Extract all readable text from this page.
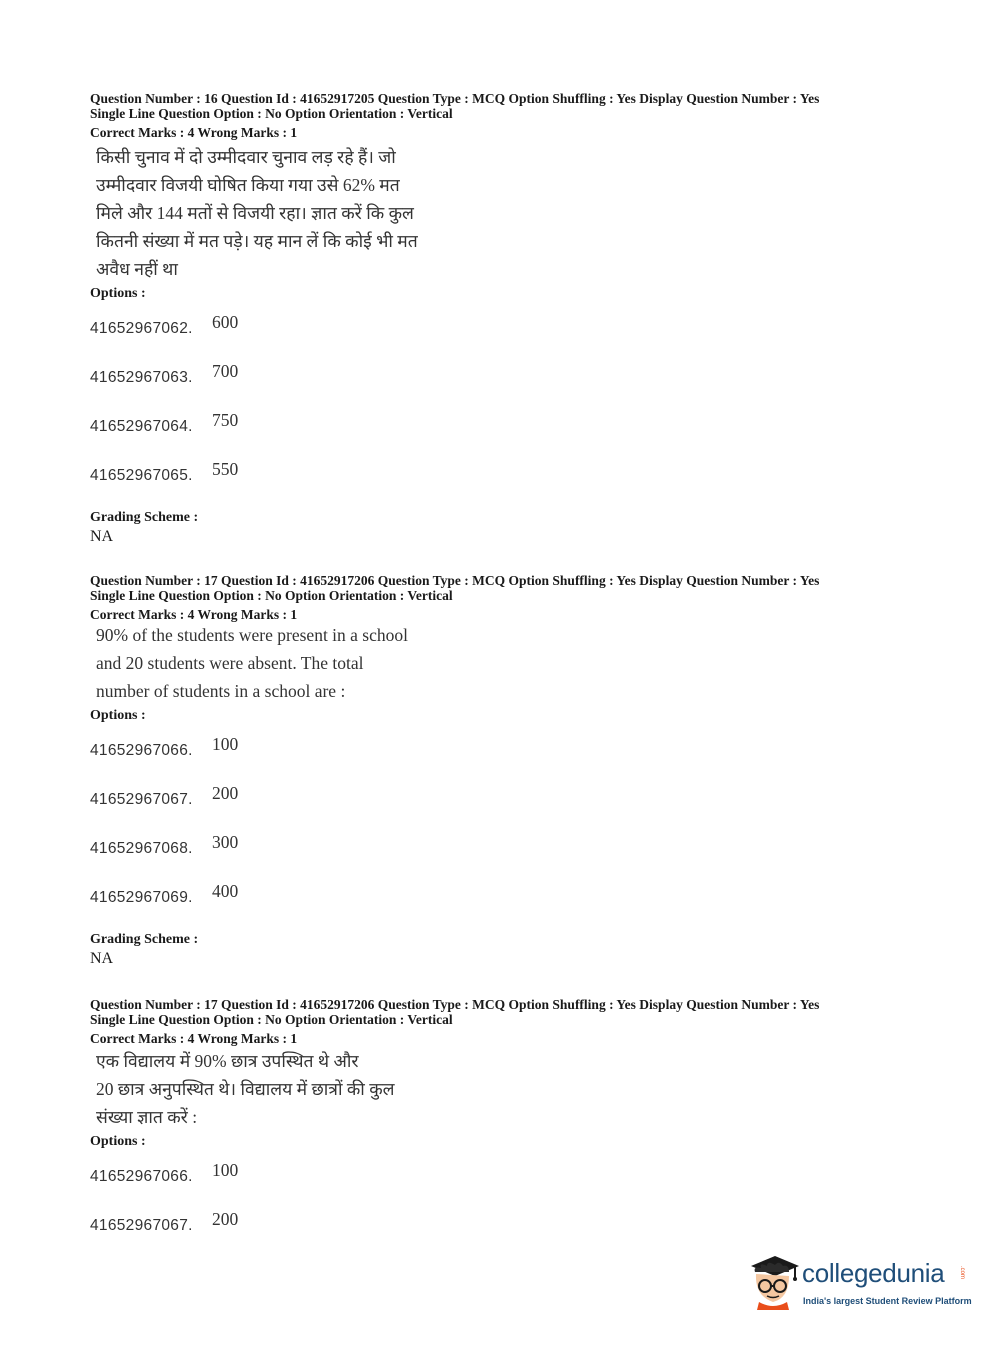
Question Number : 16 Question Id : 41652917205 Question Type : MCQ Option Shuffling : Yes Display Question Number : Yes
Single Line Question Option : No Option Orientation : Vertical
Correct Marks : 4 Wrong Marks : 1
किसी चुनाव में दो उम्मीदवार चुनाव लड़ रहे हैं। जो
उम्मीदवार विजयी घोषित किया गया उसे 62% मत
मिले और 144 मतों से विजयी रहा। ज्ञात करें कि कुल
कितनी संख्या में मत पड़े। यह मान लें कि कोई भी मत
अवैध नहीं था
Options :
41652967062. 600
41652967063. 700
41652967064. 750
41652967065. 550
Grading Scheme :
NA
Question Number : 17 Question Id : 41652917206 Question Type : MCQ Option Shuffling : Yes Display Question Number : Yes
Single Line Question Option : No Option Orientation : Vertical
Correct Marks : 4 Wrong Marks : 1
90% of the students were present in a school
and 20 students were absent. The total
number of students in a school are :
Options :
41652967066. 100
41652967067. 200
41652967068. 300
41652967069. 400
Grading Scheme :
NA
Question Number : 17 Question Id : 41652917206 Question Type : MCQ Option Shuffling : Yes Display Question Number : Yes
Single Line Question Option : No Option Orientation : Vertical
Correct Marks : 4 Wrong Marks : 1
एक विद्यालय में 90% छात्र उपस्थित थे और
20 छात्र अनुपस्थित थे। विद्यालय में छात्रों की कुल
संख्या ज्ञात करें :
Options :
41652967066. 100
41652967067. 200
collegedunia .com
India's largest Student Review Platform
